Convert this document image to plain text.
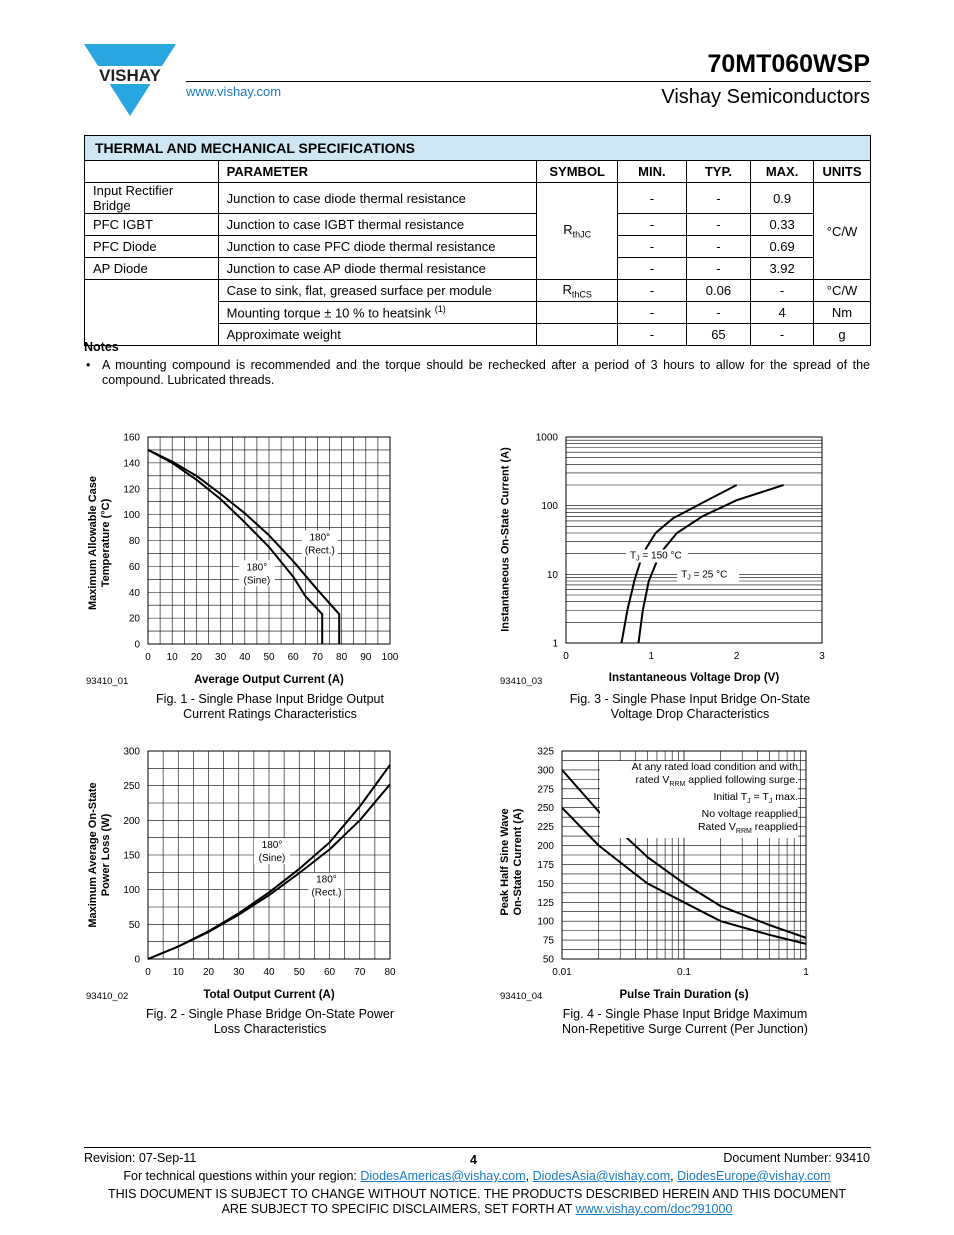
VISHAY
www.vishay.com
70MT060WSP
Vishay Semiconductors
THERMAL AND MECHANICAL SPECIFICATIONS						
	PARAMETER	SYMBOL	MIN.	TYP.	MAX.	UNITS
Input Rectifier Bridge	Junction to case diode thermal resistance	$R_{thJC}$	-	-	0.9	°C/W
PFC IGBT	Junction to case IGBT thermal resistance		-	-	0.33	
PFC Diode	Junction to case PFC diode thermal resistance		-	-	0.69	
AP Diode	Junction to case AP diode thermal resistance		-	-	3.92	
	Case to sink, flat, greased surface per module	$R_{thCS}$	-	0.06	-	°C/W
	Mounting torque ± 10 % to heatsink $^{(1)}$		-	-	4	Nm
	Approximate weight		-	65	-	g
Notes
• A mounting compound is recommended and the torque should be rechecked after a period of 3 hours to allow for the spread of the compound. Lubricated threads.
0 10 20 30 40 50 60 70 80 90 100
0
20
40
60
80
100
120
140
160
180°
(Sine)
180°
(Rect.)
Maximum Allowable Case Temperature (°C)
93410_01	Average Output Current (A)
Fig. 1 - Single Phase Input Bridge Output
Current Ratings Characteristics
0	1	2	3
1
10
100
1000
$T_J = 150$ °C
$T_J = 25$ °C
Instantaneous On-State Current (A)
93410_03	Instantaneous Voltage Drop (V)
Fig. 3 - Single Phase Input Bridge On-State
Voltage Drop Characteristics
0 10 20 30 40 50 60 70 80
0
50
100
150
200
250
300
180°
(Sine)
180°
(Rect.)
Maximum Average On-State Power Loss (W)
93410_02	Total Output Current (A)
Fig. 2 - Single Phase Bridge On-State Power
Loss Characteristics
0.01	0.1	1
50
75
100
125
150
175
200
225
250
275
300
325
Peak Half Sine Wave On-State Current (A)
At any rated load condition and with
rated $V_{RRM}$ applied following surge.
Initial $T_J = T_J$ max.
No voltage reapplied
Rated $V_{RRM}$ reapplied
93410_04	Pulse Train Duration (s)
Fig. 4 - Single Phase Input Bridge Maximum
Non-Repetitive Surge Current (Per Junction)
Revision: 07-Sep-11	4	Document Number: 93410
For technical questions within your region: DiodesAmericas@vishay.com, DiodesAsia@vishay.com, DiodesEurope@vishay.com
THIS DOCUMENT IS SUBJECT TO CHANGE WITHOUT NOTICE. THE PRODUCTS DESCRIBED HEREIN AND THIS DOCUMENT
ARE SUBJECT TO SPECIFIC DISCLAIMERS, SET FORTH AT www.vishay.com/doc?91000
